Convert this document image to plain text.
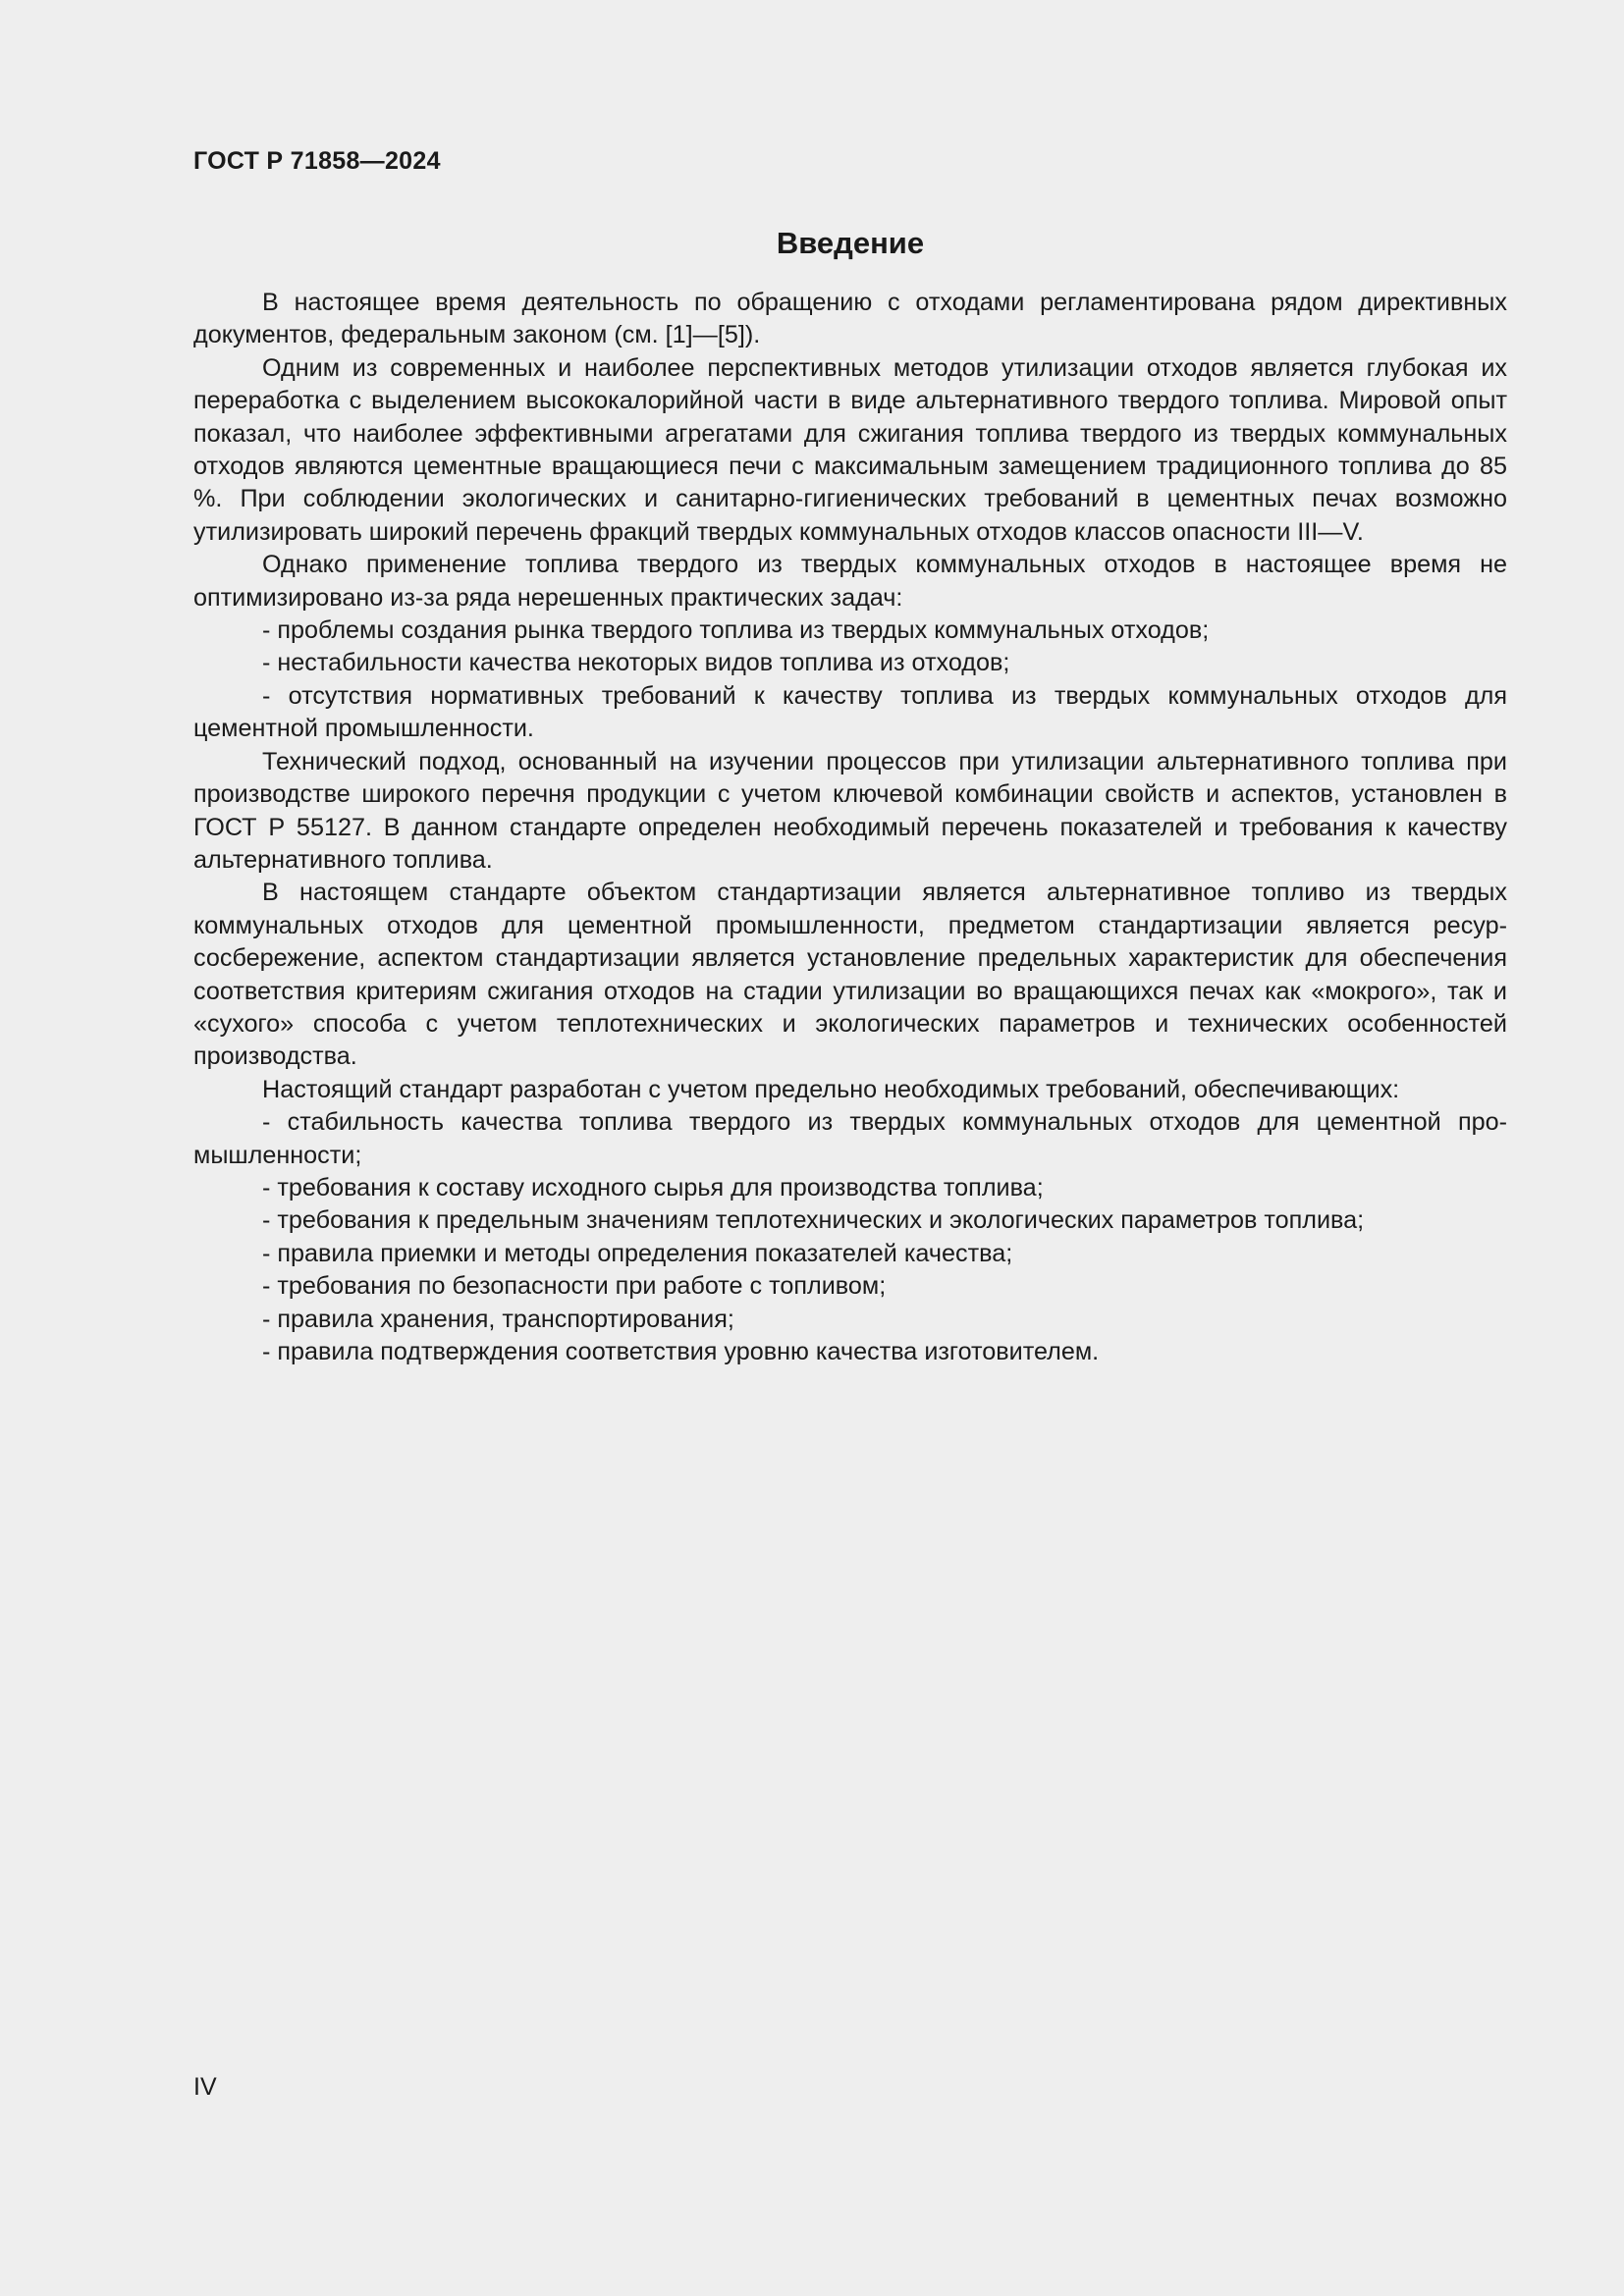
ГОСТ Р 71858—2024
Введение

В настоящее время деятельность по обращению с отходами регламентирована рядом директивных документов, федеральным законом (см. [1]—[5]).

Одним из современных и наиболее перспективных методов утилизации отходов является глубокая их переработка с выделением высококалорийной части в виде альтернативного твердого топлива. Мировой опыт показал, что наиболее эффективными агрегатами для сжигания топлива твердого из твердых коммунальных отходов являются цементные вращающиеся печи с максимальным замещением традиционного топлива до 85 %. При соблюдении экологических и санитарно-гигиенических требований в цементных печах возможно утилизировать широкий перечень фракций твердых коммунальных отходов классов опасности III—V.

Однако применение топлива твердого из твердых коммунальных отходов в настоящее время не оптимизировано из-за ряда нерешенных практических задач:

- проблемы создания рынка твердого топлива из твердых коммунальных отходов;

- нестабильности качества некоторых видов топлива из отходов;

- отсутствия нормативных требований к качеству топлива из твердых коммунальных отходов для цементной промышленности.

Технический подход, основанный на изучении процессов при утилизации альтернативного топлива при производстве широкого перечня продукции с учетом ключевой комбинации свойств и аспектов, установлен в ГОСТ Р 55127. В данном стандарте определен необходимый перечень показателей и требования к качеству альтернативного топлива.

В настоящем стандарте объектом стандартизации является альтернативное топливо из твердых коммунальных отходов для цементной промышленности, предметом стандартизации является ресурсосбережение, аспектом стандартизации является установление предельных характеристик для обеспечения соответствия критериям сжигания отходов на стадии утилизации во вращающихся печах как «мокрого», так и «сухого» способа с учетом теплотехнических и экологических параметров и технических особенностей производства.

Настоящий стандарт разработан с учетом предельно необходимых требований, обеспечивающих:

- стабильность качества топлива твердого из твердых коммунальных отходов для цементной промышленности;

- требования к составу исходного сырья для производства топлива;

- требования к предельным значениям теплотехнических и экологических параметров топлива;

- правила приемки и методы определения показателей качества;

- требования по безопасности при работе с топливом;

- правила хранения, транспортирования;

- правила подтверждения соответствия уровню качества изготовителем.

IV
